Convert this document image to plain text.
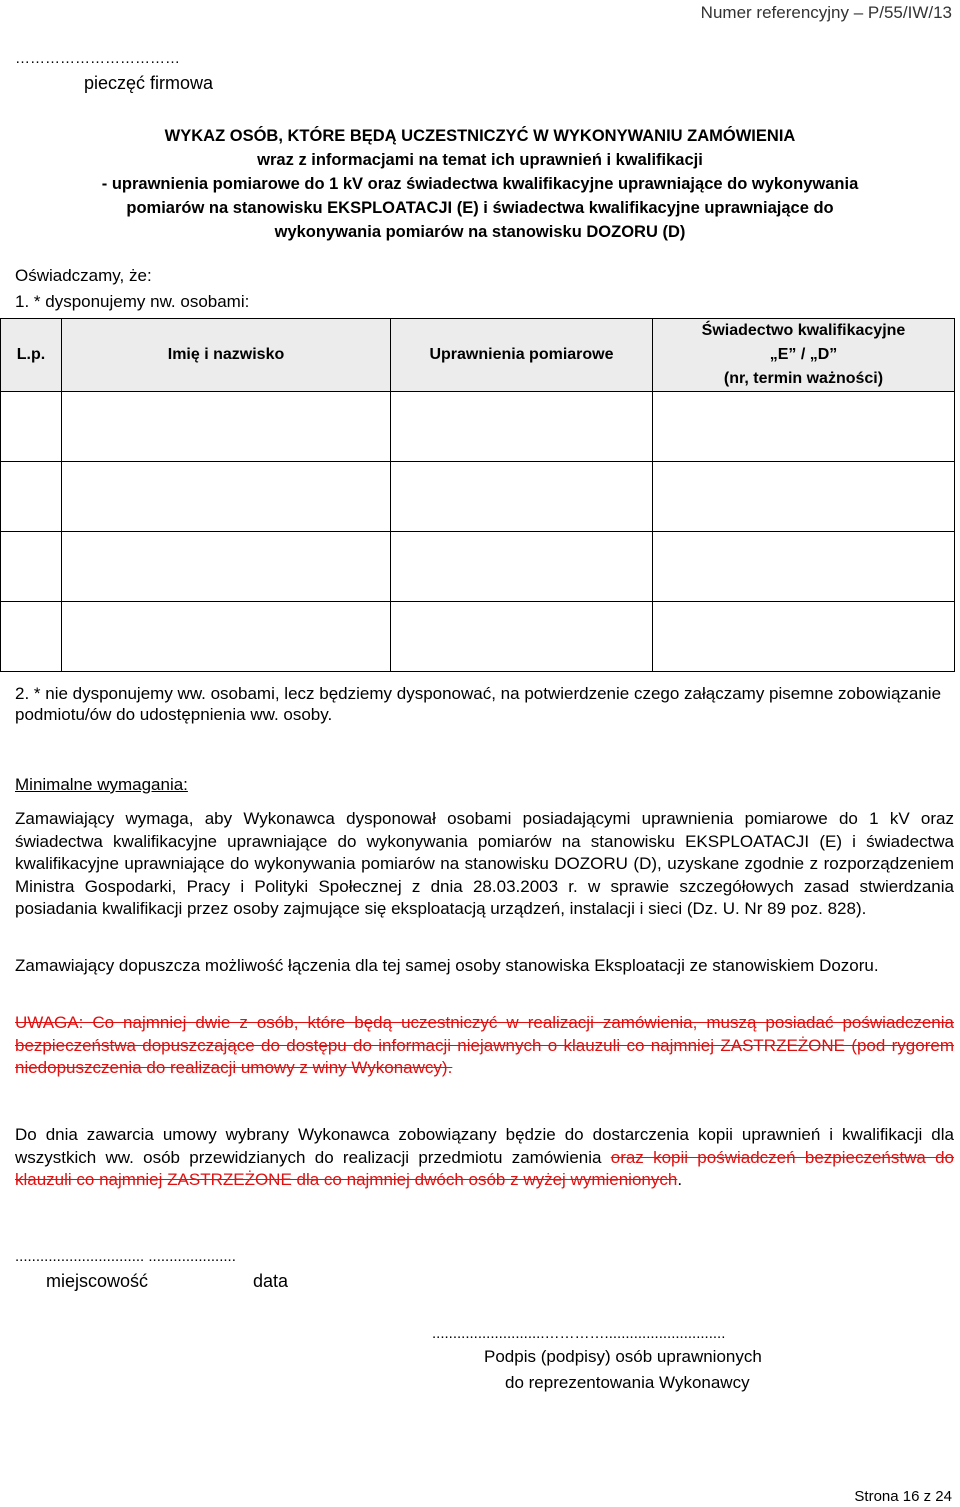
Numer referencyjny – P/55/IW/13
……………………………
pieczęć firmowa
WYKAZ OSÓB, KTÓRE BĘDĄ UCZESTNICZYĆ W WYKONYWANIU ZAMÓWIENIA
wraz z informacjami na temat ich uprawnień i kwalifikacji
- uprawnienia pomiarowe do 1 kV oraz świadectwa kwalifikacyjne uprawniające do wykonywania
pomiarów na stanowisku EKSPLOATACJI (E) i świadectwa kwalifikacyjne uprawniające do
wykonywania pomiarów na stanowisku DOZORU (D)
Oświadczamy, że:
1. * dysponujemy nw. osobami:
L.p.	Imię i nazwisko	Uprawnienia pomiarowe	Świadectwo kwalifikacyjne
„E” / „D”
(nr, termin ważności)

2. * nie dysponujemy ww. osobami, lecz będziemy dysponować, na potwierdzenie czego załączamy pisemne zobowiązanie podmiotu/ów do udostępnienia ww. osoby.
Minimalne wymagania:
Zamawiający wymaga, aby Wykonawca dysponował osobami posiadającymi uprawnienia pomiarowe do 1 kV oraz świadectwa kwalifikacyjne uprawniające do wykonywania pomiarów na stanowisku EKSPLOATACJI (E) i świadectwa kwalifikacyjne uprawniające do wykonywania pomiarów na stanowisku DOZORU (D), uzyskane zgodnie z rozporządzeniem Ministra Gospodarki, Pracy i Polityki Społecznej z dnia 28.03.2003 r. w sprawie szczegółowych zasad stwierdzania posiadania kwalifikacji przez osoby zajmujące się eksploatacją urządzeń, instalacji i sieci (Dz. U. Nr 89 poz. 828).
Zamawiający dopuszcza możliwość łączenia dla tej samej osoby stanowiska Eksploatacji ze stanowiskiem Dozoru.
UWAGA: Co najmniej dwie z osób, które będą uczestniczyć w realizacji zamówienia, muszą posiadać poświadczenia bezpieczeństwa dopuszczające do dostępu do informacji niejawnych o klauzuli co najmniej ZASTRZEŻONE (pod rygorem niedopuszczenia do realizacji umowy z winy Wykonawcy).
Do dnia zawarcia umowy wybrany Wykonawca zobowiązany będzie do dostarczenia kopii uprawnień i kwalifikacji dla wszystkich ww. osób przewidzianych do realizacji przedmiotu zamówienia oraz kopii poświadczeń bezpieczeństwa do klauzuli co najmniej ZASTRZEŻONE dla co najmniej dwóch osób z wyżej wymienionych.
............................... .....................
miejscowość	data
...........................………….............................
Podpis (podpisy) osób uprawnionych
do reprezentowania Wykonawcy
Strona 16 z 24
